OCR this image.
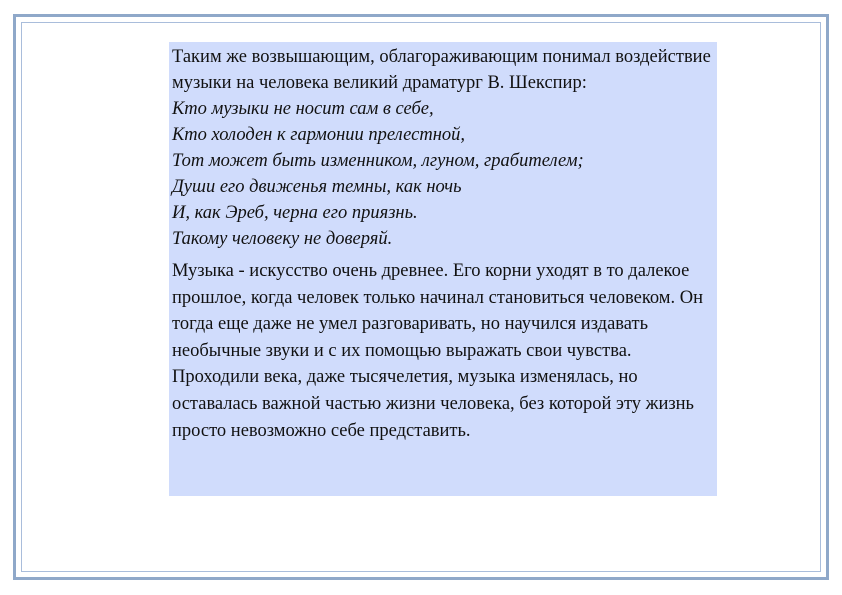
Таким же возвышающим, облагораживающим понимал воздействие музыки на человека великий драматург В. Шекспир:

Кто музыки не носит сам в себе,
Кто холоден к гармонии прелестной,
Тот может быть изменником, лгуном, грабителем;
Души его движенья темны, как ночь
И, как Эреб, черна его приязнь.
Такому человеку не доверяй.

Музыка - искусство очень древнее. Его корни уходят в то далекое прошлое, когда человек только начинал становиться человеком. Он тогда еще даже не умел разговаривать, но научился издавать необычные звуки и с их помощью выражать свои чувства. Проходили века, даже тысячелетия, музыка изменялась, но оставалась важной частью жизни человека, без которой эту жизнь просто невозможно себе представить.
